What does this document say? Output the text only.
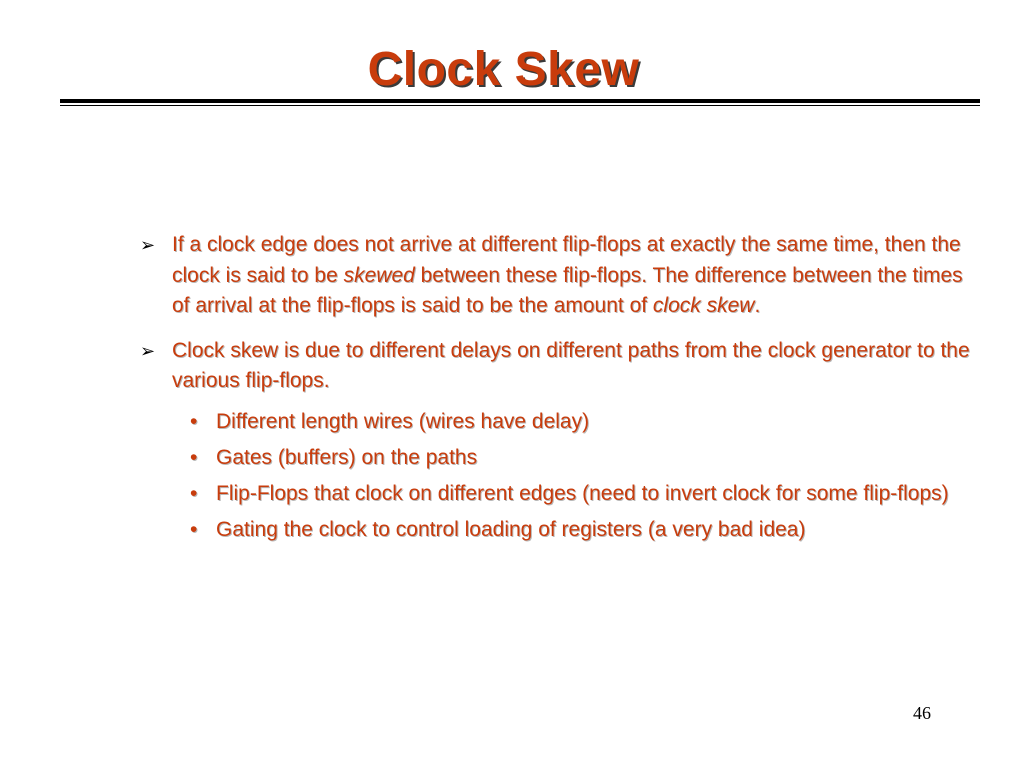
Clock Skew
➢ If a clock edge does not arrive at different flip-flops at exactly the same time, then the clock is said to be skewed between these flip-flops. The difference between the times of arrival at the flip-flops is said to be the amount of clock skew.
➢ Clock skew is due to different delays on different paths from the clock generator to the various flip-flops.
• Different length wires (wires have delay)
• Gates (buffers) on the paths
• Flip-Flops that clock on different edges (need to invert clock for some flip-flops)
• Gating the clock to control loading of registers (a very bad idea)
46
